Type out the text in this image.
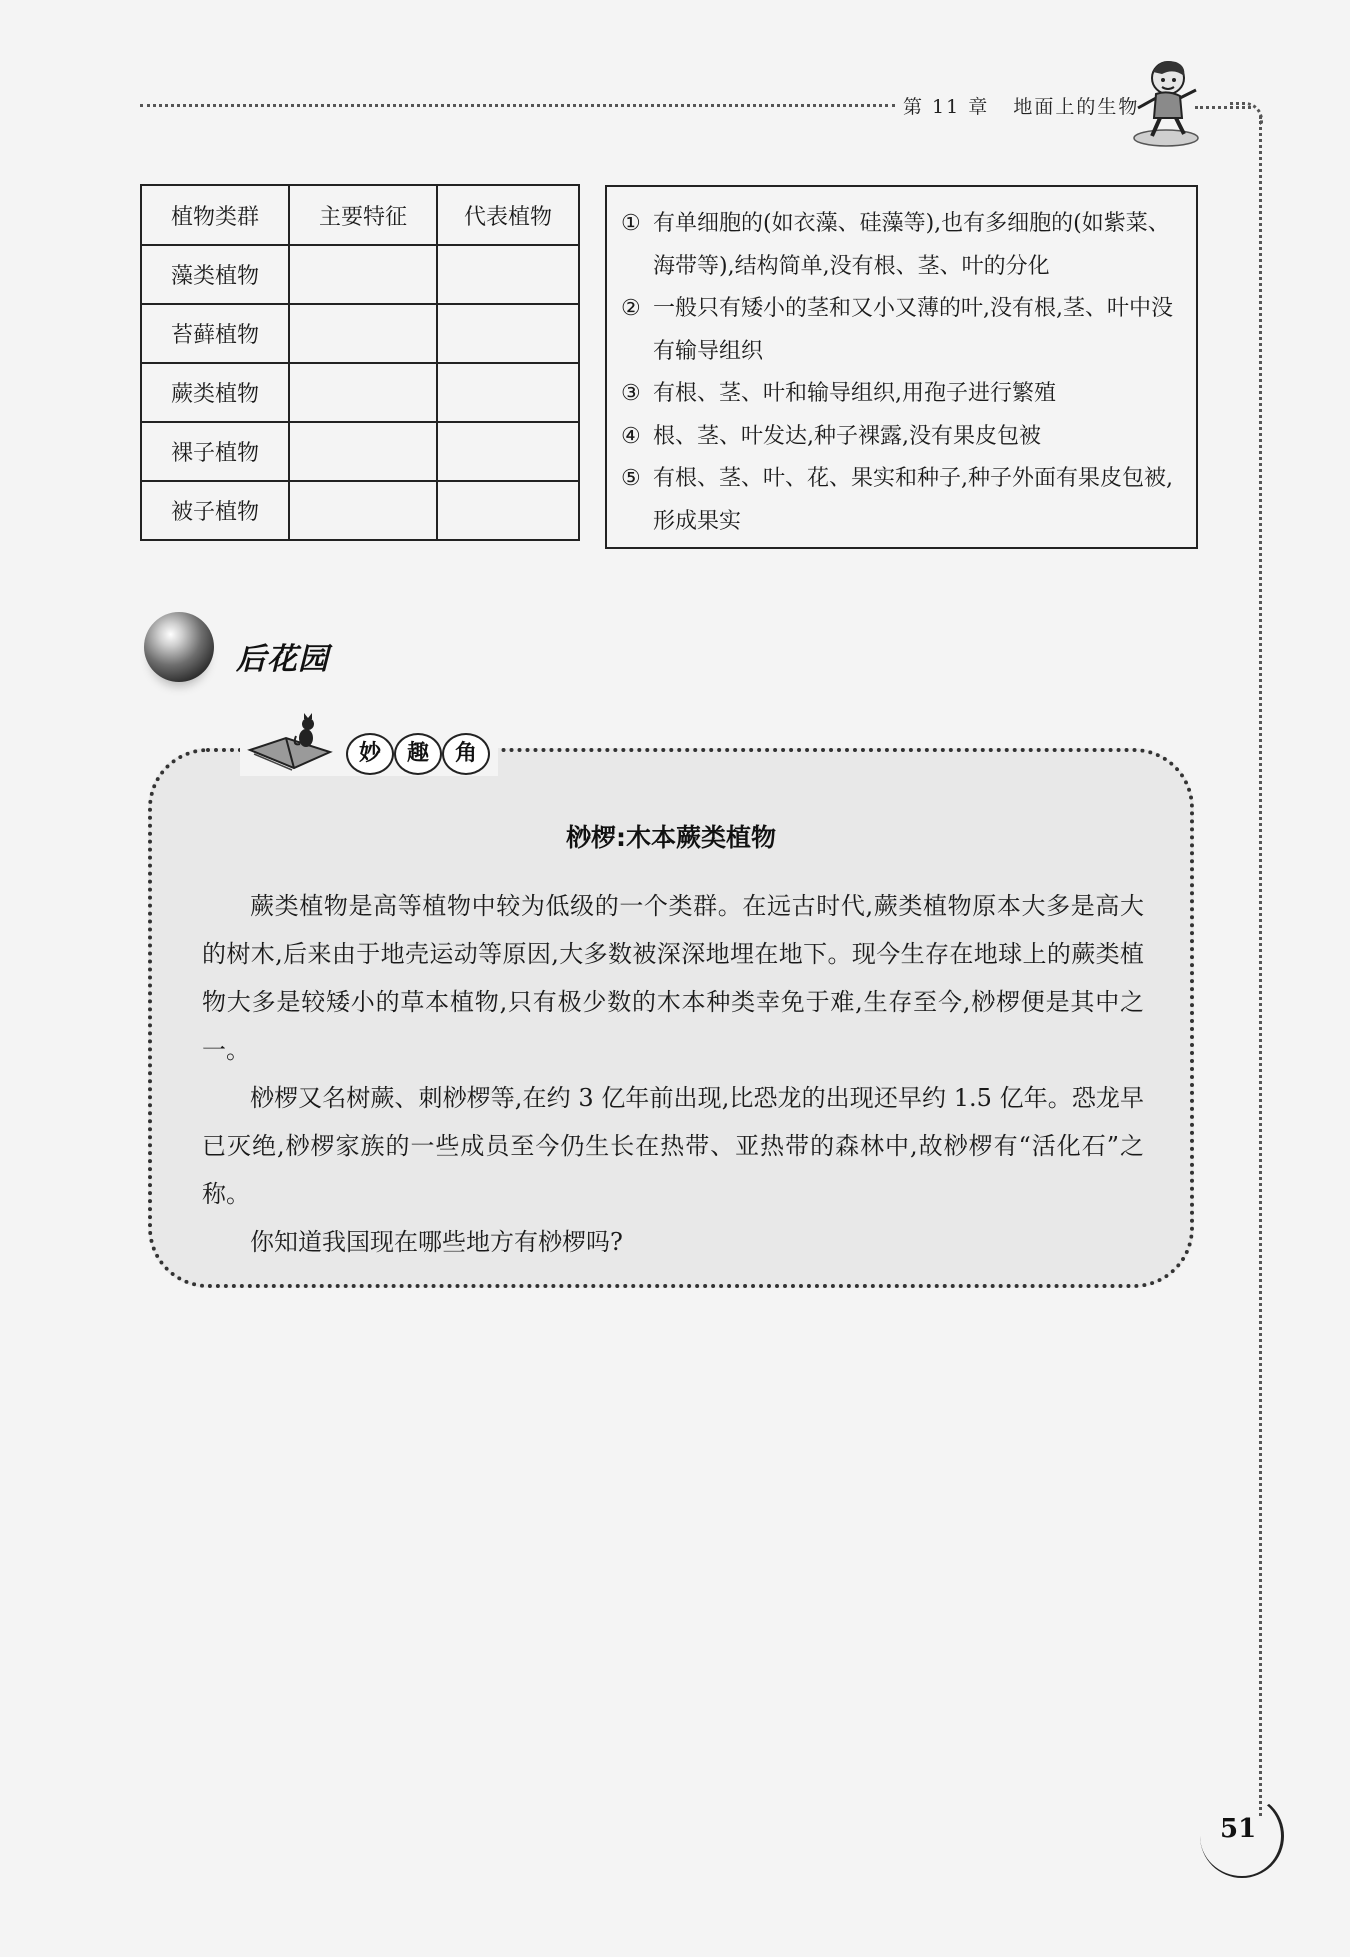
第 11 章 地面上的生物
植物类群	主要特征	代表植物
藻类植物		
苔藓植物		
蕨类植物		
裸子植物		
被子植物		
① 有单细胞的(如衣藻、硅藻等),也有多细胞的(如紫菜、海带等),结构简单,没有根、茎、叶的分化
② 一般只有矮小的茎和又小又薄的叶,没有根,茎、叶中没有输导组织
③ 有根、茎、叶和输导组织,用孢子进行繁殖
④ 根、茎、叶发达,种子裸露,没有果皮包被
⑤ 有根、茎、叶、花、果实和种子,种子外面有果皮包被,形成果实
后花园
妙	趣	角
桫椤:木本蕨类植物

蕨类植物是高等植物中较为低级的一个类群。在远古时代,蕨类植物原本大多是高大的树木,后来由于地壳运动等原因,大多数被深深地埋在地下。现今生存在地球上的蕨类植物大多是较矮小的草本植物,只有极少数的木本种类幸免于难,生存至今,桫椤便是其中之一。

桫椤又名树蕨、刺桫椤等,在约 3 亿年前出现,比恐龙的出现还早约 1.5 亿年。恐龙早已灭绝,桫椤家族的一些成员至今仍生长在热带、亚热带的森林中,故桫椤有“活化石”之称。

你知道我国现在哪些地方有桫椤吗?

51
